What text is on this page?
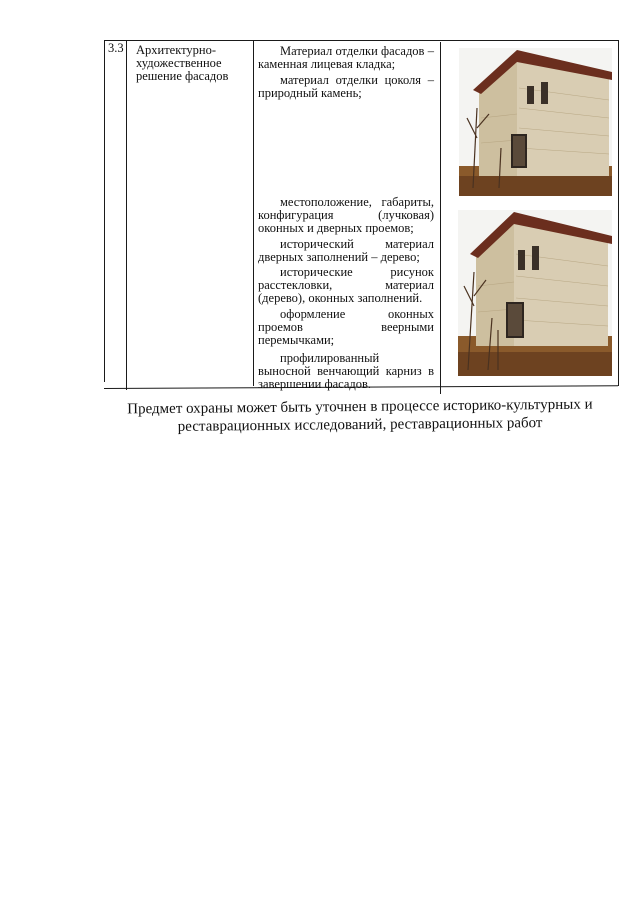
3.3 Архитектурно-художественное решение фасадов
Материал отделки фасадов – каменная лицевая кладка;
материал отделки цоколя – природный камень;
местоположение, габариты, конфигурация (лучковая) оконных и дверных проемов;
исторический материал дверных заполнений – дерево;
исторические рисунок расстекловки, материал (дерево), оконных заполнений.
оформление оконных проемов веерными перемычками;
профилированный выносной венчающий карниз в завершении фасадов.
Предмет охраны может быть уточнен в процессе историко-культурных и реставрационных исследований, реставрационных работ
